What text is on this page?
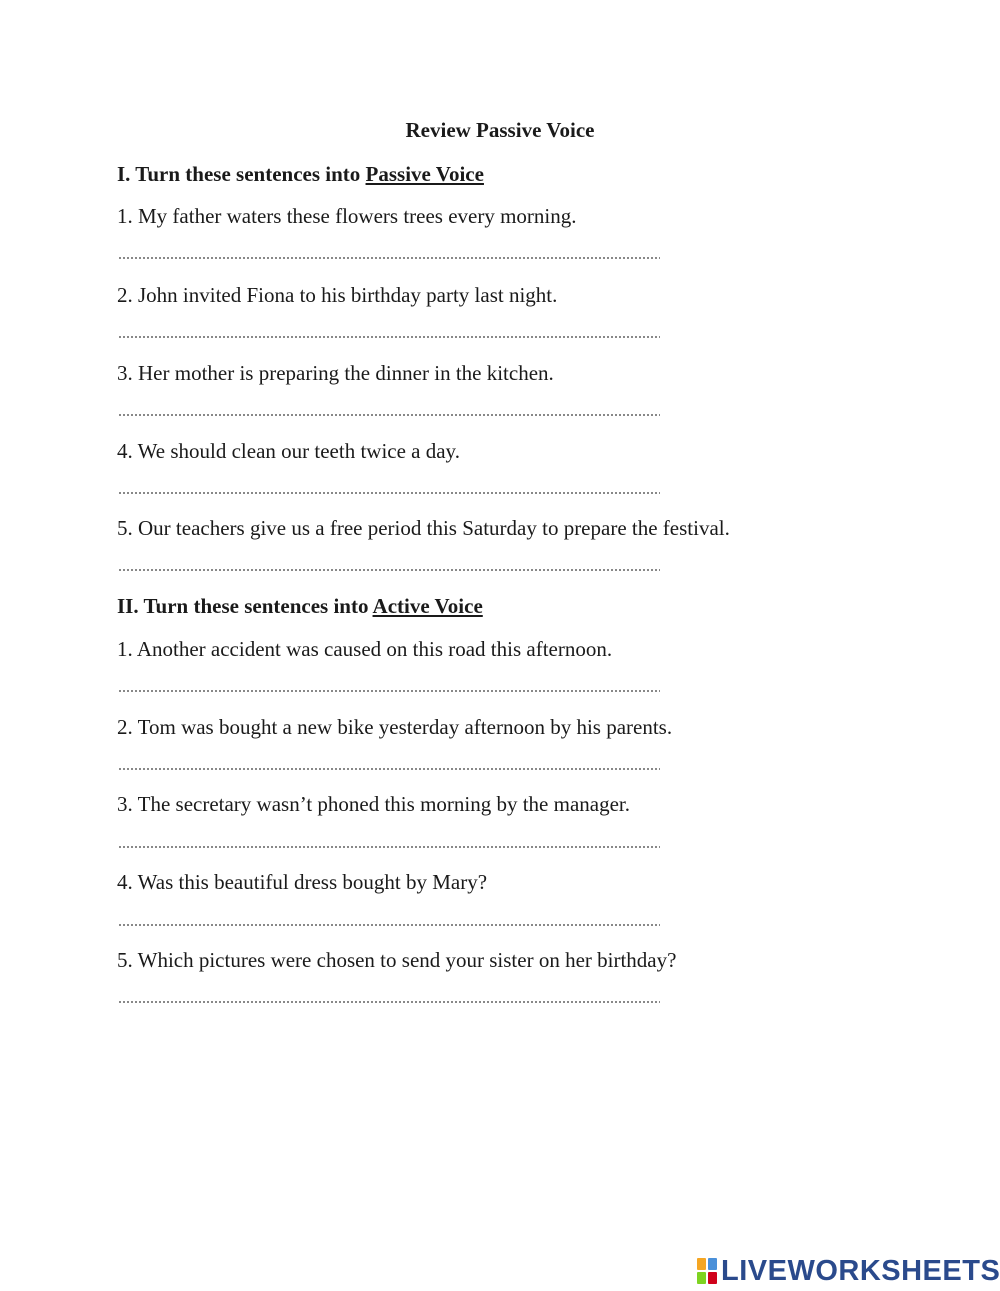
Review Passive Voice
I. Turn these sentences into Passive Voice
1. My father waters these flowers trees every morning.
2. John invited Fiona to his birthday party last night.
3. Her mother is preparing the dinner in the kitchen.
4. We should clean our teeth twice a day.
5. Our teachers give us a free period this Saturday to prepare the festival.
II. Turn these sentences into Active Voice
1. Another accident was caused on this road this afternoon.
2. Tom was bought a new bike yesterday afternoon by his parents.
3. The secretary wasn’t phoned this morning by the manager.
4. Was this beautiful dress bought by Mary?
5. Which pictures were chosen to send your sister on her birthday?
LIVEWORKSHEETS
